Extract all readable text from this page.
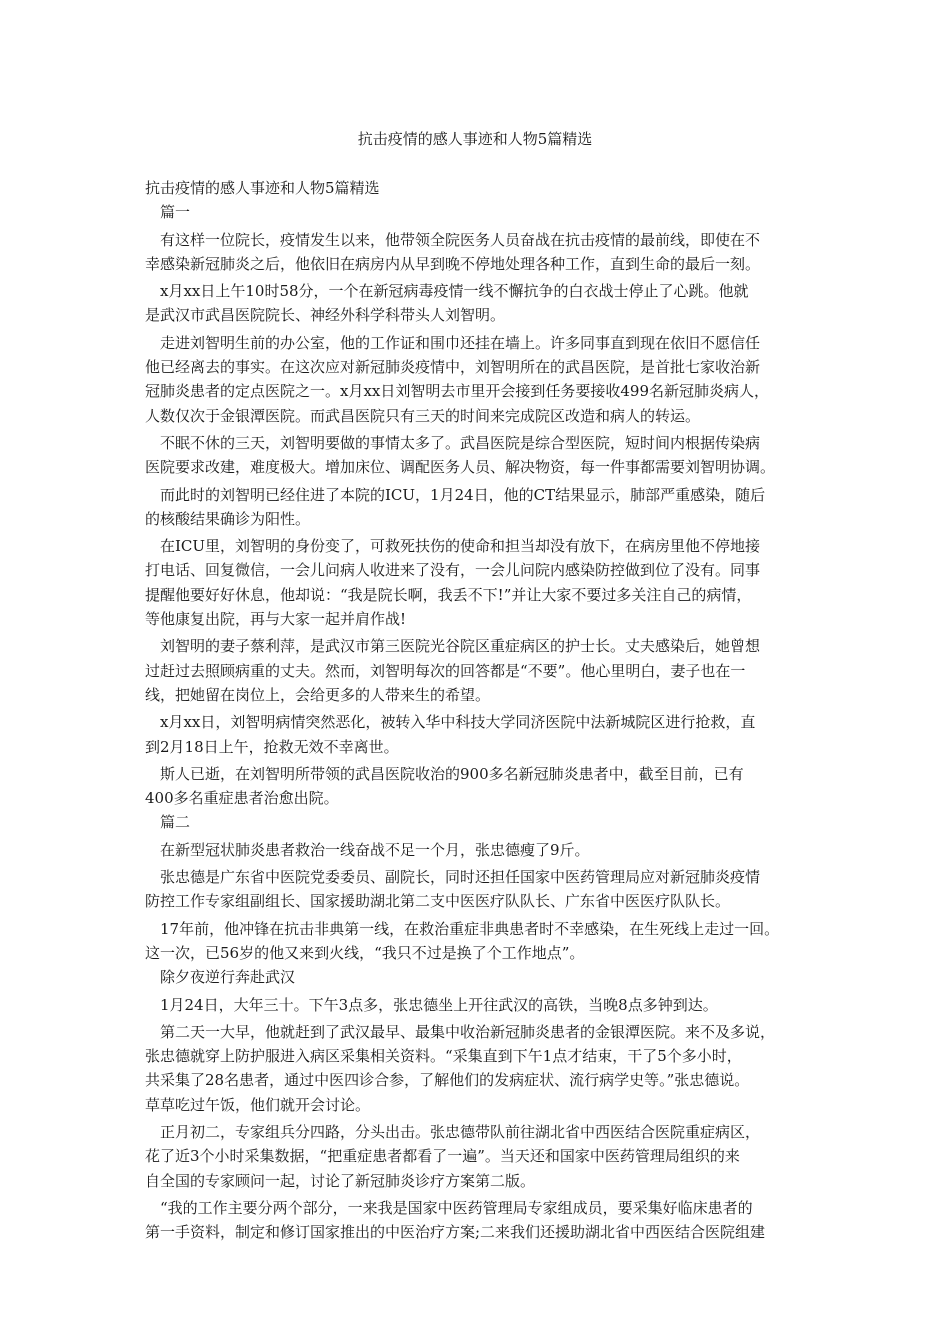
抗击疫情的感人事迹和人物5篇精选
抗击疫情的感人事迹和人物5篇精选
篇一
有这样一位院长，疫情发生以来，他带领全院医务人员奋战在抗击疫情的最前线，即使在不
幸感染新冠肺炎之后，他依旧在病房内从早到晚不停地处理各种工作，直到生命的最后一刻。
x月xx日上午10时58分，一个在新冠病毒疫情一线不懈抗争的白衣战士停止了心跳。他就
是武汉市武昌医院院长、神经外科学科带头人刘智明。
走进刘智明生前的办公室，他的工作证和围巾还挂在墙上。许多同事直到现在依旧不愿信任
他已经离去的事实。在这次应对新冠肺炎疫情中，刘智明所在的武昌医院，是首批七家收治新
冠肺炎患者的定点医院之一。x月xx日刘智明去市里开会接到任务要接收499名新冠肺炎病人，
人数仅次于金银潭医院。而武昌医院只有三天的时间来完成院区改造和病人的转运。
不眠不休的三天，刘智明要做的事情太多了。武昌医院是综合型医院，短时间内根据传染病
医院要求改建，难度极大。增加床位、调配医务人员、解决物资，每一件事都需要刘智明协调。
而此时的刘智明已经住进了本院的ICU，1月24日，他的CT结果显示，肺部严重感染，随后
的核酸结果确诊为阳性。
在ICU里，刘智明的身份变了，可救死扶伤的使命和担当却没有放下，在病房里他不停地接
打电话、回复微信，一会儿问病人收进来了没有，一会儿问院内感染防控做到位了没有。同事
提醒他要好好休息，他却说：“我是院长啊，我丢不下!”并让大家不要过多关注自己的病情，
等他康复出院，再与大家一起并肩作战!
刘智明的妻子蔡利萍，是武汉市第三医院光谷院区重症病区的护士长。丈夫感染后，她曾想
过赶过去照顾病重的丈夫。然而，刘智明每次的回答都是“不要”。他心里明白，妻子也在一
线，把她留在岗位上，会给更多的人带来生的希望。
x月xx日，刘智明病情突然恶化，被转入华中科技大学同济医院中法新城院区进行抢救，直
到2月18日上午，抢救无效不幸离世。
斯人已逝，在刘智明所带领的武昌医院收治的900多名新冠肺炎患者中，截至目前，已有
400多名重症患者治愈出院。
篇二
在新型冠状肺炎患者救治一线奋战不足一个月，张忠德瘦了9斤。
张忠德是广东省中医院党委委员、副院长，同时还担任国家中医药管理局应对新冠肺炎疫情
防控工作专家组副组长、国家援助湖北第二支中医医疗队队长、广东省中医医疗队队长。
17年前，他冲锋在抗击非典第一线，在救治重症非典患者时不幸感染，在生死线上走过一回。
这一次，已56岁的他又来到火线，“我只不过是换了个工作地点”。
除夕夜逆行奔赴武汉
1月24日，大年三十。下午3点多，张忠德坐上开往武汉的高铁，当晚8点多钟到达。
第二天一大早，他就赶到了武汉最早、最集中收治新冠肺炎患者的金银潭医院。来不及多说，
张忠德就穿上防护服进入病区采集相关资料。“采集直到下午1点才结束，干了5个多小时，
共采集了28名患者，通过中医四诊合参，了解他们的发病症状、流行病学史等。”张忠德说。
草草吃过午饭，他们就开会讨论。
正月初二，专家组兵分四路，分头出击。张忠德带队前往湖北省中西医结合医院重症病区，
花了近3个小时采集数据，“把重症患者都看了一遍”。当天还和国家中医药管理局组织的来
自全国的专家顾问一起，讨论了新冠肺炎诊疗方案第二版。
“我的工作主要分两个部分，一来我是国家中医药管理局专家组成员，要采集好临床患者的
第一手资料，制定和修订国家推出的中医治疗方案;二来我们还援助湖北省中西医结合医院组建
